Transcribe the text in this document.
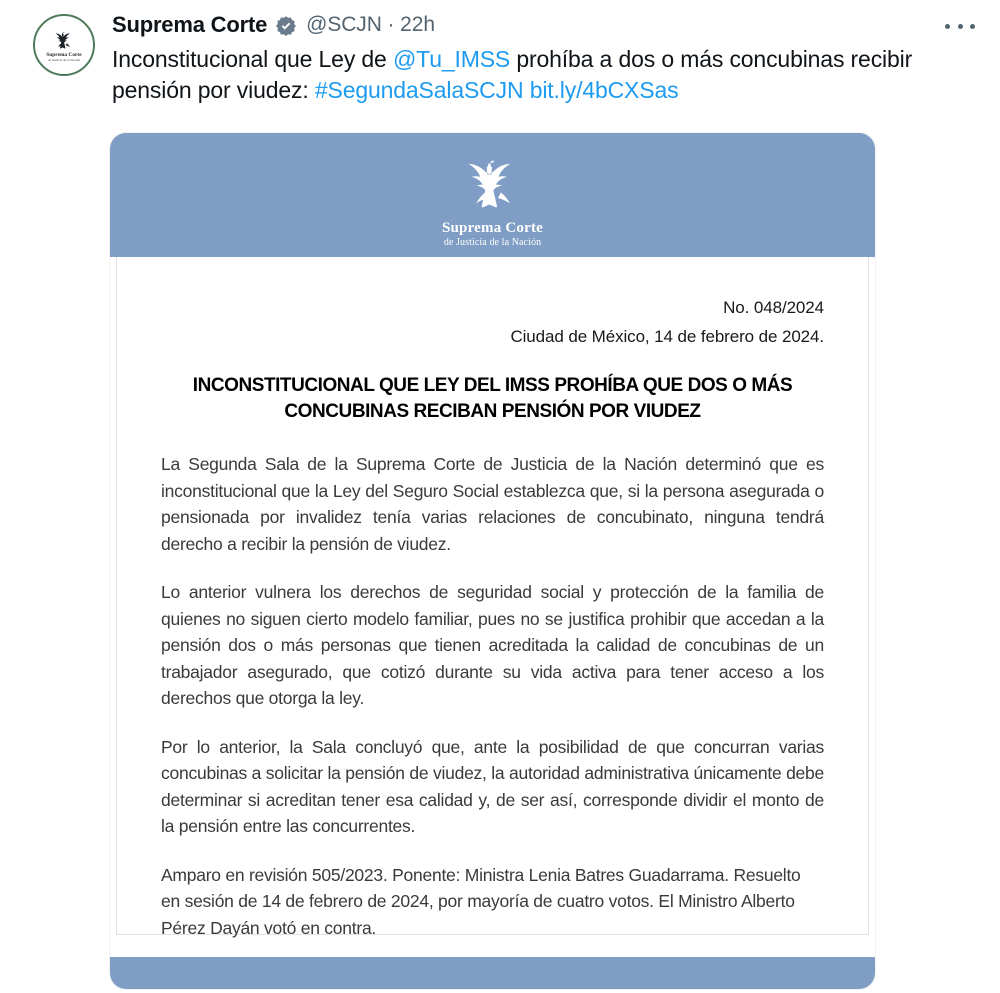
Suprema Corte
de Justicia de la Nación
Suprema Corte @SCJN · 22h
Inconstitucional que Ley de @Tu_IMSS prohíba a dos o más concubinas recibir pensión por viudez: #SegundaSalaSCJN bit.ly/4bCXSas
Suprema Corte
de Justicia de la Nación
No. 048/2024
Ciudad de México, 14 de febrero de 2024.
INCONSTITUCIONAL QUE LEY DEL IMSS PROHÍBA QUE DOS O MÁS CONCUBINAS RECIBAN PENSIÓN POR VIUDEZ

La Segunda Sala de la Suprema Corte de Justicia de la Nación determinó que es inconstitucional que la Ley del Seguro Social establezca que, si la persona asegurada o pensionada por invalidez tenía varias relaciones de concubinato, ninguna tendrá derecho a recibir la pensión de viudez.

Lo anterior vulnera los derechos de seguridad social y protección de la familia de quienes no siguen cierto modelo familiar, pues no se justifica prohibir que accedan a la pensión dos o más personas que tienen acreditada la calidad de concubinas de un trabajador asegurado, que cotizó durante su vida activa para tener acceso a los derechos que otorga la ley.

Por lo anterior, la Sala concluyó que, ante la posibilidad de que concurran varias concubinas a solicitar la pensión de viudez, la autoridad administrativa únicamente debe determinar si acreditan tener esa calidad y, de ser así, corresponde dividir el monto de la pensión entre las concurrentes.

Amparo en revisión 505/2023. Ponente: Ministra Lenia Batres Guadarrama. Resuelto en sesión de 14 de febrero de 2024, por mayoría de cuatro votos. El Ministro Alberto Pérez Dayán votó en contra.
